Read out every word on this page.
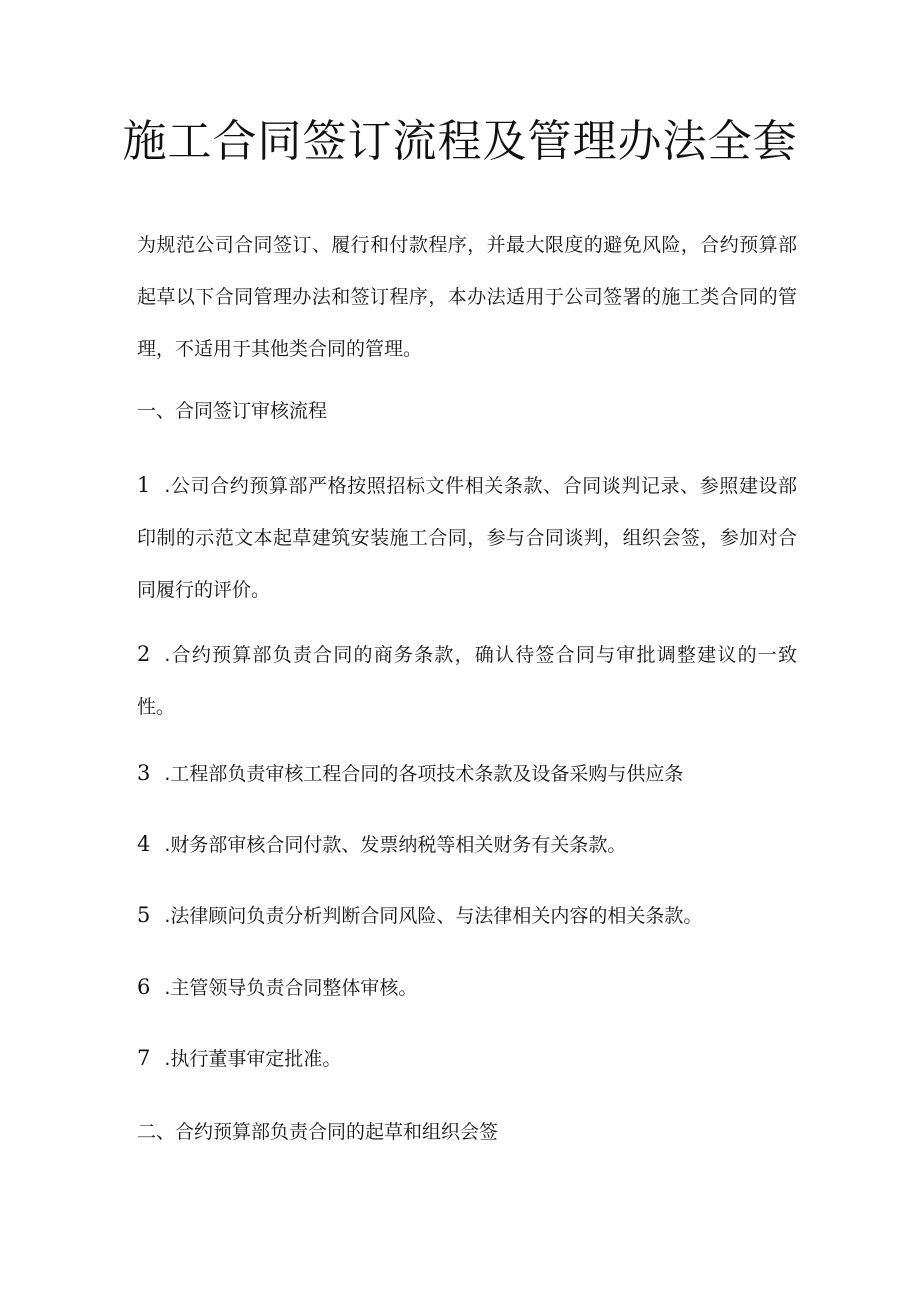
施工合同签订流程及管理办法全套

为规范公司合同签订、履行和付款程序，并最大限度的避免风险，合约预算部起草以下合同管理办法和签订程序，本办法适用于公司签署的施工类合同的管理，不适用于其他类合同的管理。

一、合同签订审核流程

1 .公司合约预算部严格按照招标文件相关条款、合同谈判记录、参照建设部印制的示范文本起草建筑安装施工合同，参与合同谈判，组织会签，参加对合同履行的评价。

2 .合约预算部负责合同的商务条款，确认待签合同与审批调整建议的一致性。

3 .工程部负责审核工程合同的各项技术条款及设备采购与供应条

4 .财务部审核合同付款、发票纳税等相关财务有关条款。

5 .法律顾问负责分析判断合同风险、与法律相关内容的相关条款。

6 .主管领导负责合同整体审核。

7 .执行董事审定批准。

二、合约预算部负责合同的起草和组织会签
